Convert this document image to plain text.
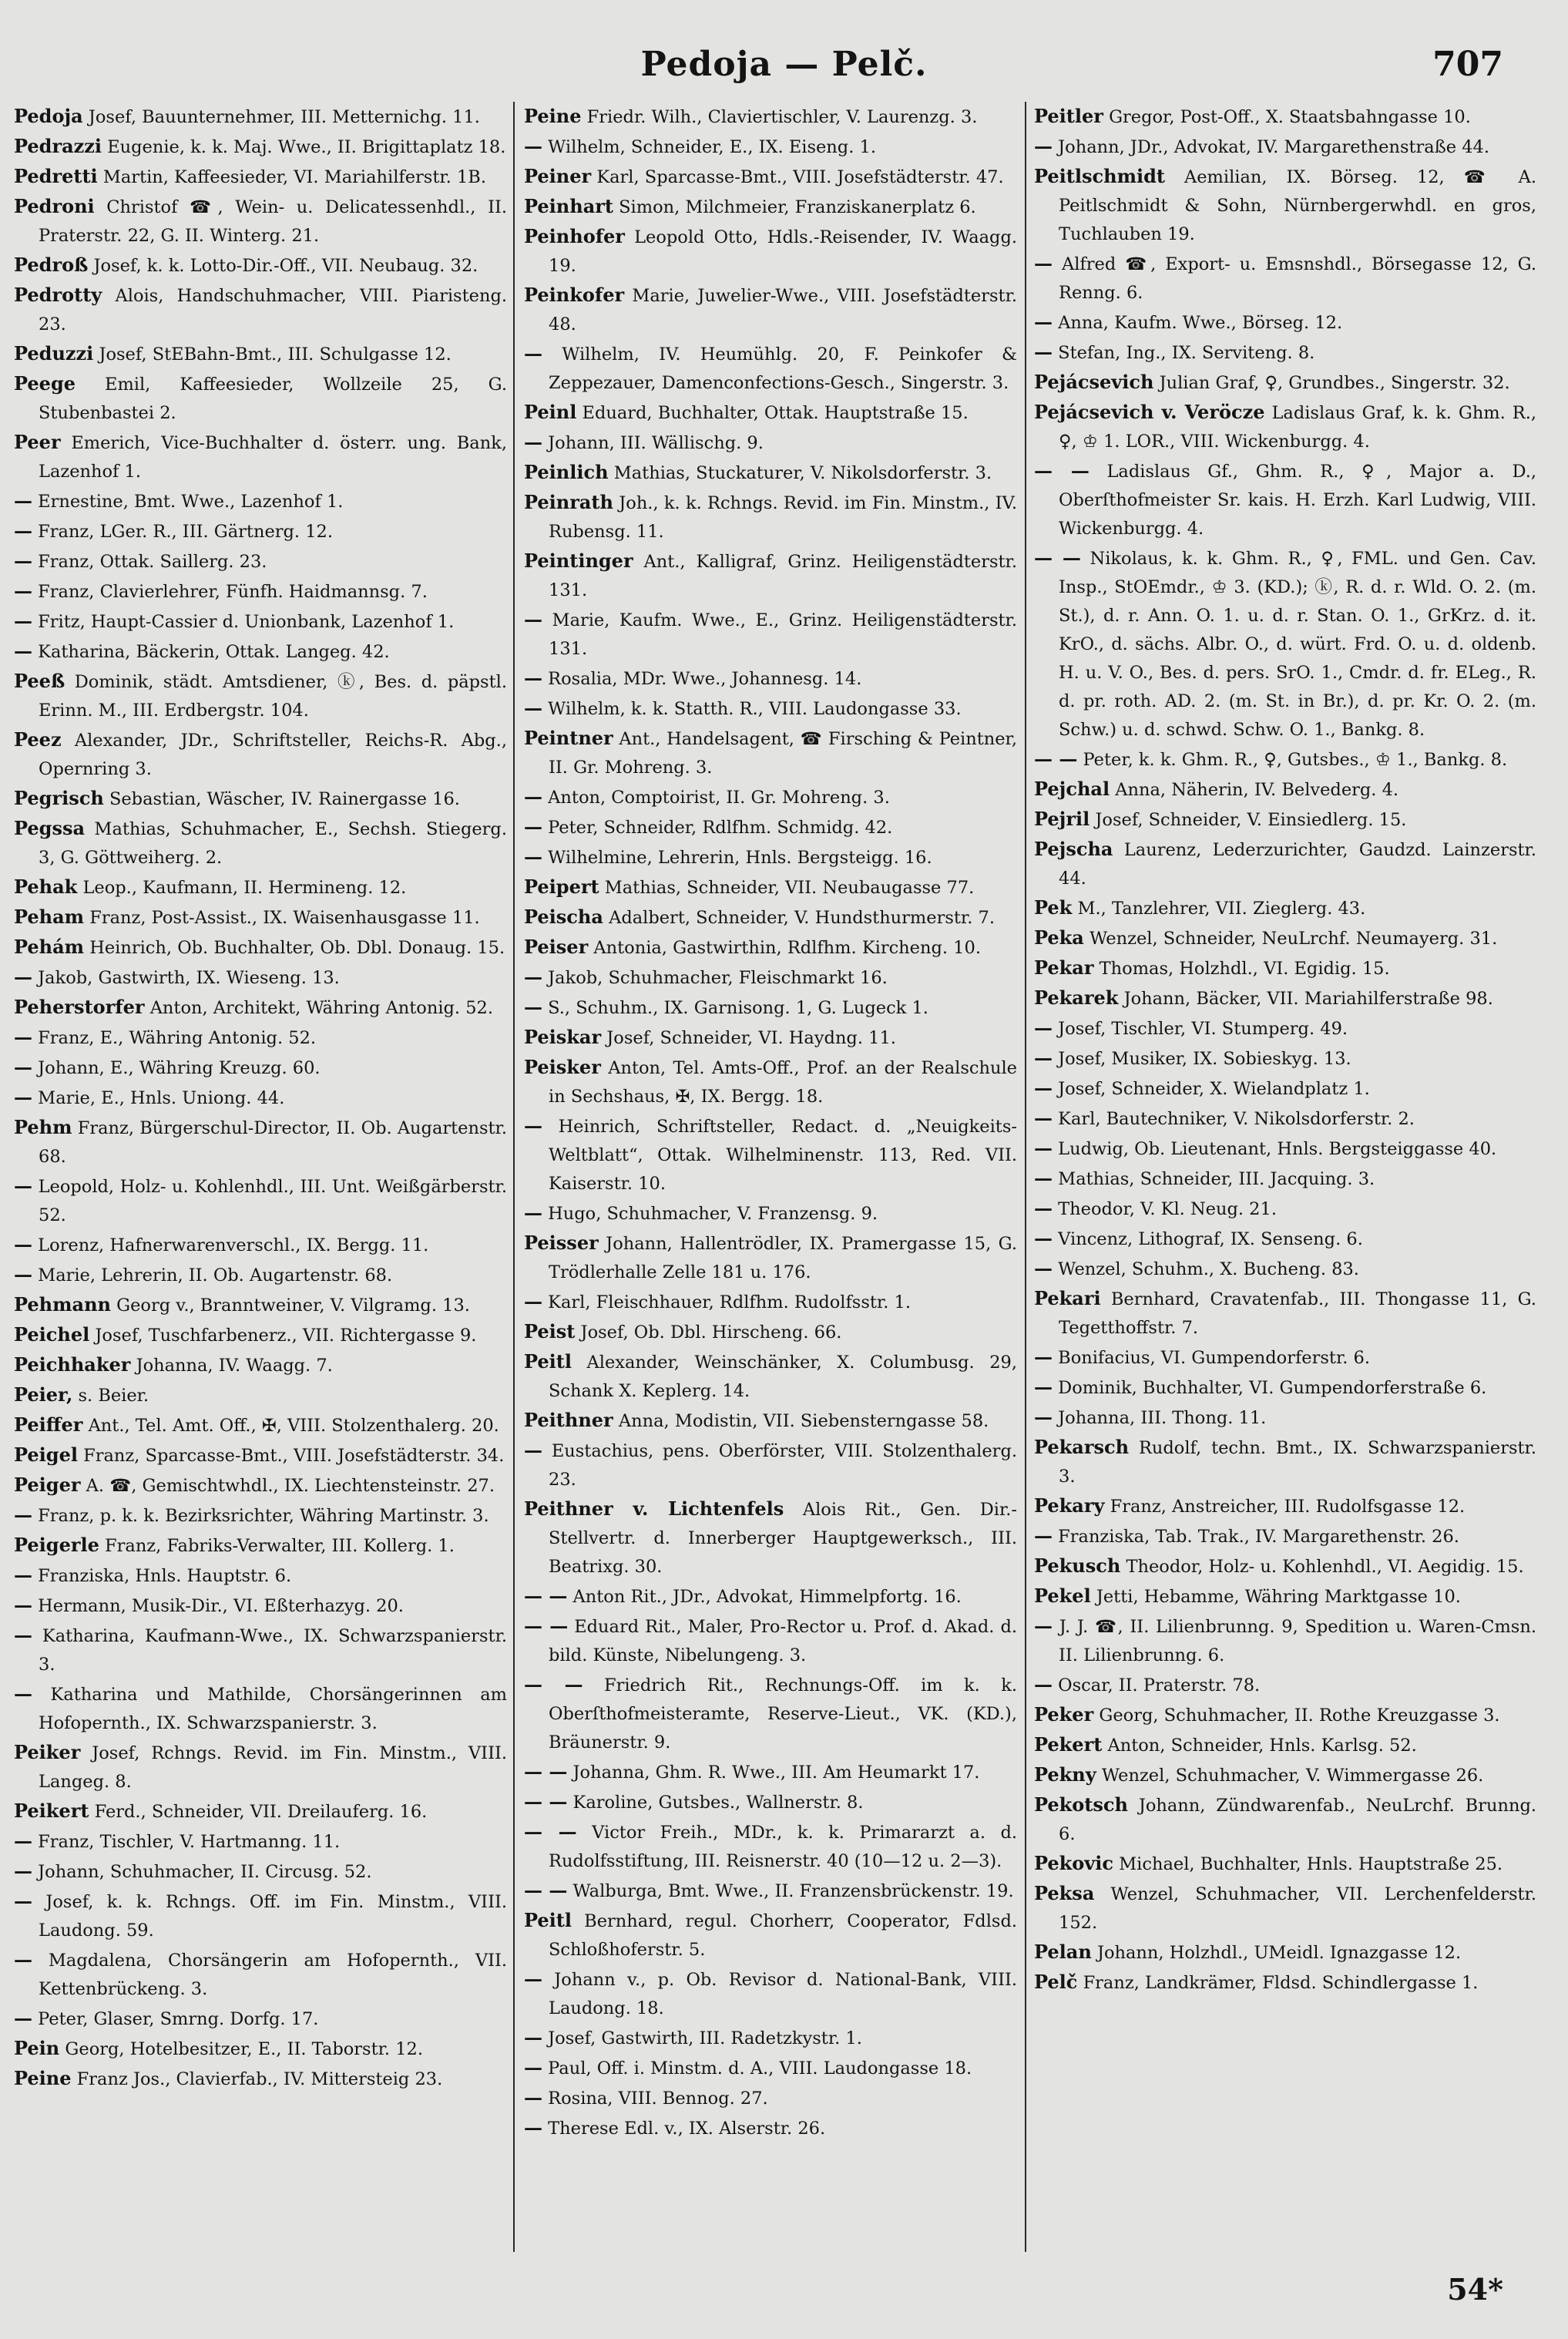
Pedoja — Pelč.	707

Pedoja Josef, Bauunternehmer, III. Metternichg. 11.

Pedrazzi Eugenie, k. k. Maj. Wwe., II. Brigittaplatz 18.

Pedretti Martin, Kaffeesieder, VI. Mariahilferstr. 1B.

Pedroni Christof ☎, Wein- u. Delicatessenhdl., II. Praterstr. 22, G. II. Winterg. 21.

Pedroß Josef, k. k. Lotto-Dir.-Off., VII. Neubaug. 32.

Pedrotty Alois, Handschuhmacher, VIII. Piaristeng. 23.

Peduzzi Josef, StEBahn-Bmt., III. Schulgasse 12.

Peege Emil, Kaffeesieder, Wollzeile 25, G. Stubenbastei 2.

Peer Emerich, Vice-Buchhalter d. österr. ung. Bank, Lazenhof 1.

— Ernestine, Bmt. Wwe., Lazenhof 1.

— Franz, LGer. R., III. Gärtnerg. 12.

— Franz, Ottak. Saillerg. 23.

— Franz, Clavierlehrer, Fünfh. Haidmannsg. 7.

— Fritz, Haupt-Cassier d. Unionbank, Lazenhof 1.

— Katharina, Bäckerin, Ottak. Langeg. 42.

Peeß Dominik, städt. Amtsdiener, ⓚ, Bes. d. päpstl. Erinn. M., III. Erdbergstr. 104.

Peez Alexander, JDr., Schriftsteller, Reichs-R. Abg., Opernring 3.

Pegrisch Sebastian, Wäscher, IV. Rainergasse 16.

Pegssa Mathias, Schuhmacher, E., Sechsh. Stiegerg. 3, G. Göttweiherg. 2.

Pehak Leop., Kaufmann, II. Hermineng. 12.

Peham Franz, Post-Assist., IX. Waisenhausgasse 11.

Pehám Heinrich, Ob. Buchhalter, Ob. Dbl. Donaug. 15.

— Jakob, Gastwirth, IX. Wieseng. 13.

Peherstorfer Anton, Architekt, Währing Antonig. 52.

— Franz, E., Währing Antonig. 52.

— Johann, E., Währing Kreuzg. 60.

— Marie, E., Hnls. Uniong. 44.

Pehm Franz, Bürgerschul-Director, II. Ob. Augartenstr. 68.

— Leopold, Holz- u. Kohlenhdl., III. Unt. Weißgärberstr. 52.

— Lorenz, Hafnerwarenverschl., IX. Bergg. 11.

— Marie, Lehrerin, II. Ob. Augartenstr. 68.

Pehmann Georg v., Branntweiner, V. Vilgramg. 13.

Peichel Josef, Tuschfarbenerz., VII. Richtergasse 9.

Peichhaker Johanna, IV. Waagg. 7.

Peier, s. Beier.

Peiffer Ant., Tel. Amt. Off., ✠, VIII. Stolzenthalerg. 20.

Peigel Franz, Sparcasse-Bmt., VIII. Josefstädterstr. 34.

Peiger A. ☎, Gemischtwhdl., IX. Liechtensteinstr. 27.

— Franz, p. k. k. Bezirksrichter, Währing Martinstr. 3.

Peigerle Franz, Fabriks-Verwalter, III. Kollerg. 1.

— Franziska, Hnls. Hauptstr. 6.

— Hermann, Musik-Dir., VI. Eßterhazyg. 20.

— Katharina, Kaufmann-Wwe., IX. Schwarzspanierstr. 3.

— Katharina und Mathilde, Chorsängerinnen am Hofopernth., IX. Schwarzspanierstr. 3.

Peiker Josef, Rchngs. Revid. im Fin. Minstm., VIII. Langeg. 8.

Peikert Ferd., Schneider, VII. Dreilauferg. 16.

— Franz, Tischler, V. Hartmanng. 11.

— Johann, Schuhmacher, II. Circusg. 52.

— Josef, k. k. Rchngs. Off. im Fin. Minstm., VIII. Laudong. 59.

— Magdalena, Chorsängerin am Hofopernth., VII. Kettenbrückeng. 3.

— Peter, Glaser, Smrng. Dorfg. 17.

Pein Georg, Hotelbesitzer, E., II. Taborstr. 12.

Peine Franz Jos., Clavierfab., IV. Mittersteig 23.

Peine Friedr. Wilh., Claviertischler, V. Laurenzg. 3.

— Wilhelm, Schneider, E., IX. Eiseng. 1.

Peiner Karl, Sparcasse-Bmt., VIII. Josefstädterstr. 47.

Peinhart Simon, Milchmeier, Franziskanerplatz 6.

Peinhofer Leopold Otto, Hdls.-Reisender, IV. Waagg. 19.

Peinkofer Marie, Juwelier-Wwe., VIII. Josefstädterstr. 48.

— Wilhelm, IV. Heumühlg. 20, F. Peinkofer & Zeppezauer, Damenconfections-Gesch., Singerstr. 3.

Peinl Eduard, Buchhalter, Ottak. Hauptstraße 15.

— Johann, III. Wällischg. 9.

Peinlich Mathias, Stuckaturer, V. Nikolsdorferstr. 3.

Peinrath Joh., k. k. Rchngs. Revid. im Fin. Minstm., IV. Rubensg. 11.

Peintinger Ant., Kalligraf, Grinz. Heiligenstädterstr. 131.

— Marie, Kaufm. Wwe., E., Grinz. Heiligenstädterstr. 131.

— Rosalia, MDr. Wwe., Johannesg. 14.

— Wilhelm, k. k. Statth. R., VIII. Laudongasse 33.

Peintner Ant., Handelsagent, ☎ Firsching & Peintner, II. Gr. Mohreng. 3.

— Anton, Comptoirist, II. Gr. Mohreng. 3.

— Peter, Schneider, Rdlfhm. Schmidg. 42.

— Wilhelmine, Lehrerin, Hnls. Bergsteigg. 16.

Peipert Mathias, Schneider, VII. Neubaugasse 77.

Peischa Adalbert, Schneider, V. Hundsthurmerstr. 7.

Peiser Antonia, Gastwirthin, Rdlfhm. Kircheng. 10.

— Jakob, Schuhmacher, Fleischmarkt 16.

— S., Schuhm., IX. Garnisong. 1, G. Lugeck 1.

Peiskar Josef, Schneider, VI. Haydng. 11.

Peisker Anton, Tel. Amts-Off., Prof. an der Realschule in Sechshaus, ✠, IX. Bergg. 18.

— Heinrich, Schriftsteller, Redact. d. „Neuigkeits-Weltblatt“, Ottak. Wilhelminenstr. 113, Red. VII. Kaiserstr. 10.

— Hugo, Schuhmacher, V. Franzensg. 9.

Peisser Johann, Hallentrödler, IX. Pramergasse 15, G. Trödlerhalle Zelle 181 u. 176.

— Karl, Fleischhauer, Rdlfhm. Rudolfsstr. 1.

Peist Josef, Ob. Dbl. Hirscheng. 66.

Peitl Alexander, Weinschänker, X. Columbusg. 29, Schank X. Keplerg. 14.

Peithner Anna, Modistin, VII. Siebensterngasse 58.

— Eustachius, pens. Oberförster, VIII. Stolzenthalerg. 23.

Peithner v. Lichtenfels Alois Rit., Gen. Dir.-Stellvertr. d. Innerberger Hauptgewerksch., III. Beatrixg. 30.

— — Anton Rit., JDr., Advokat, Himmelpfortg. 16.

— — Eduard Rit., Maler, Pro-Rector u. Prof. d. Akad. d. bild. Künste, Nibelungeng. 3.

— — Friedrich Rit., Rechnungs-Off. im k. k. Oberſthofmeisteramte, Reserve-Lieut., VK. (KD.), Bräunerstr. 9.

— — Johanna, Ghm. R. Wwe., III. Am Heumarkt 17.

— — Karoline, Gutsbes., Wallnerstr. 8.

— — Victor Freih., MDr., k. k. Primararzt a. d. Rudolfsstiftung, III. Reisnerstr. 40 (10—12 u. 2—3).

— — Walburga, Bmt. Wwe., II. Franzensbrückenstr. 19.

Peitl Bernhard, regul. Chorherr, Cooperator, Fdlsd. Schloßhoferstr. 5.

— Johann v., p. Ob. Revisor d. National-Bank, VIII. Laudong. 18.

— Josef, Gastwirth, III. Radetzkystr. 1.

— Paul, Off. i. Minstm. d. A., VIII. Laudongasse 18.

— Rosina, VIII. Bennog. 27.

— Therese Edl. v., IX. Alserstr. 26.

Peitler Gregor, Post-Off., X. Staatsbahngasse 10.

— Johann, JDr., Advokat, IV. Margarethenstraße 44.

Peitlschmidt Aemilian, IX. Börseg. 12, ☎ A. Peitlschmidt & Sohn, Nürnbergerwhdl. en gros, Tuchlauben 19.

— Alfred ☎, Export- u. Emsnshdl., Börsegasse 12, G. Renng. 6.

— Anna, Kaufm. Wwe., Börseg. 12.

— Stefan, Ing., IX. Serviteng. 8.

Pejácsevich Julian Graf, ♀, Grundbes., Singerstr. 32.

Pejácsevich v. Veröcze Ladislaus Graf, k. k. Ghm. R., ♀, ♔ 1. LOR., VIII. Wickenburgg. 4.

— — Ladislaus Gf., Ghm. R., ♀, Major a. D., Oberſthofmeister Sr. kais. H. Erzh. Karl Ludwig, VIII. Wickenburgg. 4.

— — Nikolaus, k. k. Ghm. R., ♀, FML. und Gen. Cav. Insp., StOEmdr., ♔ 3. (KD.); ⓚ, R. d. r. Wld. O. 2. (m. St.), d. r. Ann. O. 1. u. d. r. Stan. O. 1., GrKrz. d. it. KrO., d. sächs. Albr. O., d. würt. Frd. O. u. d. oldenb. H. u. V. O., Bes. d. pers. SrO. 1., Cmdr. d. fr. ELeg., R. d. pr. roth. AD. 2. (m. St. in Br.), d. pr. Kr. O. 2. (m. Schw.) u. d. schwd. Schw. O. 1., Bankg. 8.

— — Peter, k. k. Ghm. R., ♀, Gutsbes., ♔ 1., Bankg. 8.

Pejchal Anna, Näherin, IV. Belvederg. 4.

Pejril Josef, Schneider, V. Einsiedlerg. 15.

Pejscha Laurenz, Lederzurichter, Gaudzd. Lainzerstr. 44.

Pek M., Tanzlehrer, VII. Zieglerg. 43.

Peka Wenzel, Schneider, NeuLrchf. Neumayerg. 31.

Pekar Thomas, Holzhdl., VI. Egidig. 15.

Pekarek Johann, Bäcker, VII. Mariahilferstraße 98.

— Josef, Tischler, VI. Stumperg. 49.

— Josef, Musiker, IX. Sobieskyg. 13.

— Josef, Schneider, X. Wielandplatz 1.

— Karl, Bautechniker, V. Nikolsdorferstr. 2.

— Ludwig, Ob. Lieutenant, Hnls. Bergsteiggasse 40.

— Mathias, Schneider, III. Jacquing. 3.

— Theodor, V. Kl. Neug. 21.

— Vincenz, Lithograf, IX. Senseng. 6.

— Wenzel, Schuhm., X. Bucheng. 83.

Pekari Bernhard, Cravatenfab., III. Thongasse 11, G. Tegetthoffstr. 7.

— Bonifacius, VI. Gumpendorferstr. 6.

— Dominik, Buchhalter, VI. Gumpendorferstraße 6.

— Johanna, III. Thong. 11.

Pekarsch Rudolf, techn. Bmt., IX. Schwarzspanierstr. 3.

Pekary Franz, Anstreicher, III. Rudolfsgasse 12.

— Franziska, Tab. Trak., IV. Margarethenstr. 26.

Pekusch Theodor, Holz- u. Kohlenhdl., VI. Aegidig. 15.

Pekel Jetti, Hebamme, Währing Marktgasse 10.

— J. J. ☎, II. Lilienbrunng. 9, Spedition u. Waren-Cmsn. II. Lilienbrunng. 6.

— Oscar, II. Praterstr. 78.

Peker Georg, Schuhmacher, II. Rothe Kreuzgasse 3.

Pekert Anton, Schneider, Hnls. Karlsg. 52.

Pekny Wenzel, Schuhmacher, V. Wimmergasse 26.

Pekotsch Johann, Zündwarenfab., NeuLrchf. Brunng. 6.

Pekovic Michael, Buchhalter, Hnls. Hauptstraße 25.

Peksa Wenzel, Schuhmacher, VII. Lerchenfelderstr. 152.

Pelan Johann, Holzhdl., UMeidl. Ignazgasse 12.

Pelč Franz, Landkrämer, Fldsd. Schindlergasse 1.

54*
